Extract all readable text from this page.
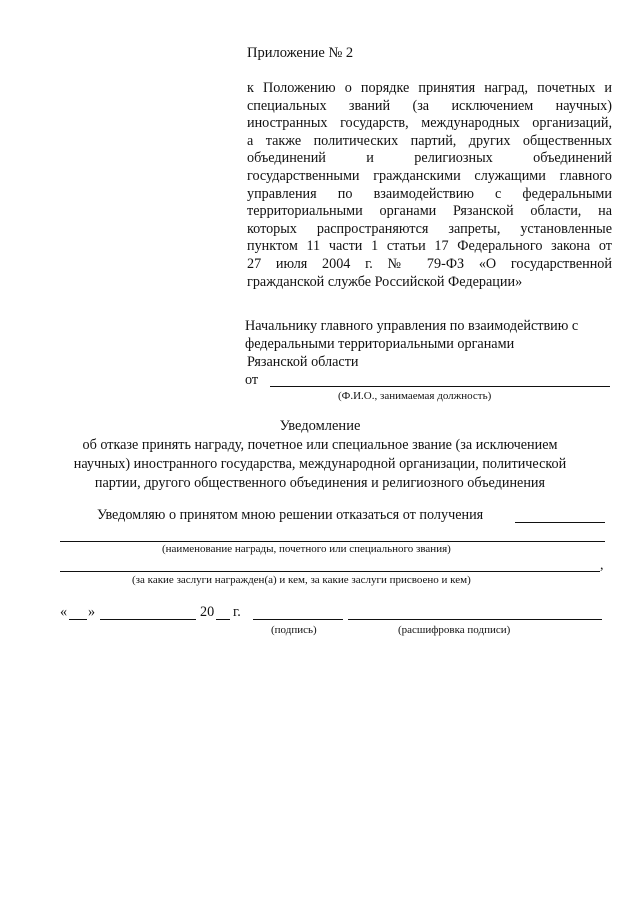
Приложение № 2
к Положению о порядке принятия наград, почетных и
специальных званий (за исключением научных)
иностранных государств, международных организаций,
а также политических партий, других общественных
объединений и религиозных объединений
государственными гражданскими служащими главного
управления по взаимодействию с федеральными
территориальными органами Рязанской области, на
которых распространяются запреты, установленные
пунктом 11 части 1 статьи 17 Федерального закона от
27 июля 2004 г. № 79-ФЗ «О государственной
гражданской службе Российской Федерации»
Начальнику главного управления по взаимодействию с
федеральными территориальными органами
Рязанской области
от
(Ф.И.О., занимаемая должность)
Уведомление
об отказе принять награду, почетное или специальное звание (за исключением
научных) иностранного государства, международной организации, политической
партии, другого общественного объединения и религиозного объединения
Уведомляю о принятом мною решении отказаться от получения
(наименование награды, почетного или специального звания)
,
(за какие заслуги награжден(а) и кем, за какие заслуги присвоено и кем)
« »	20 г.
(подпись)	(расшифровка подписи)
